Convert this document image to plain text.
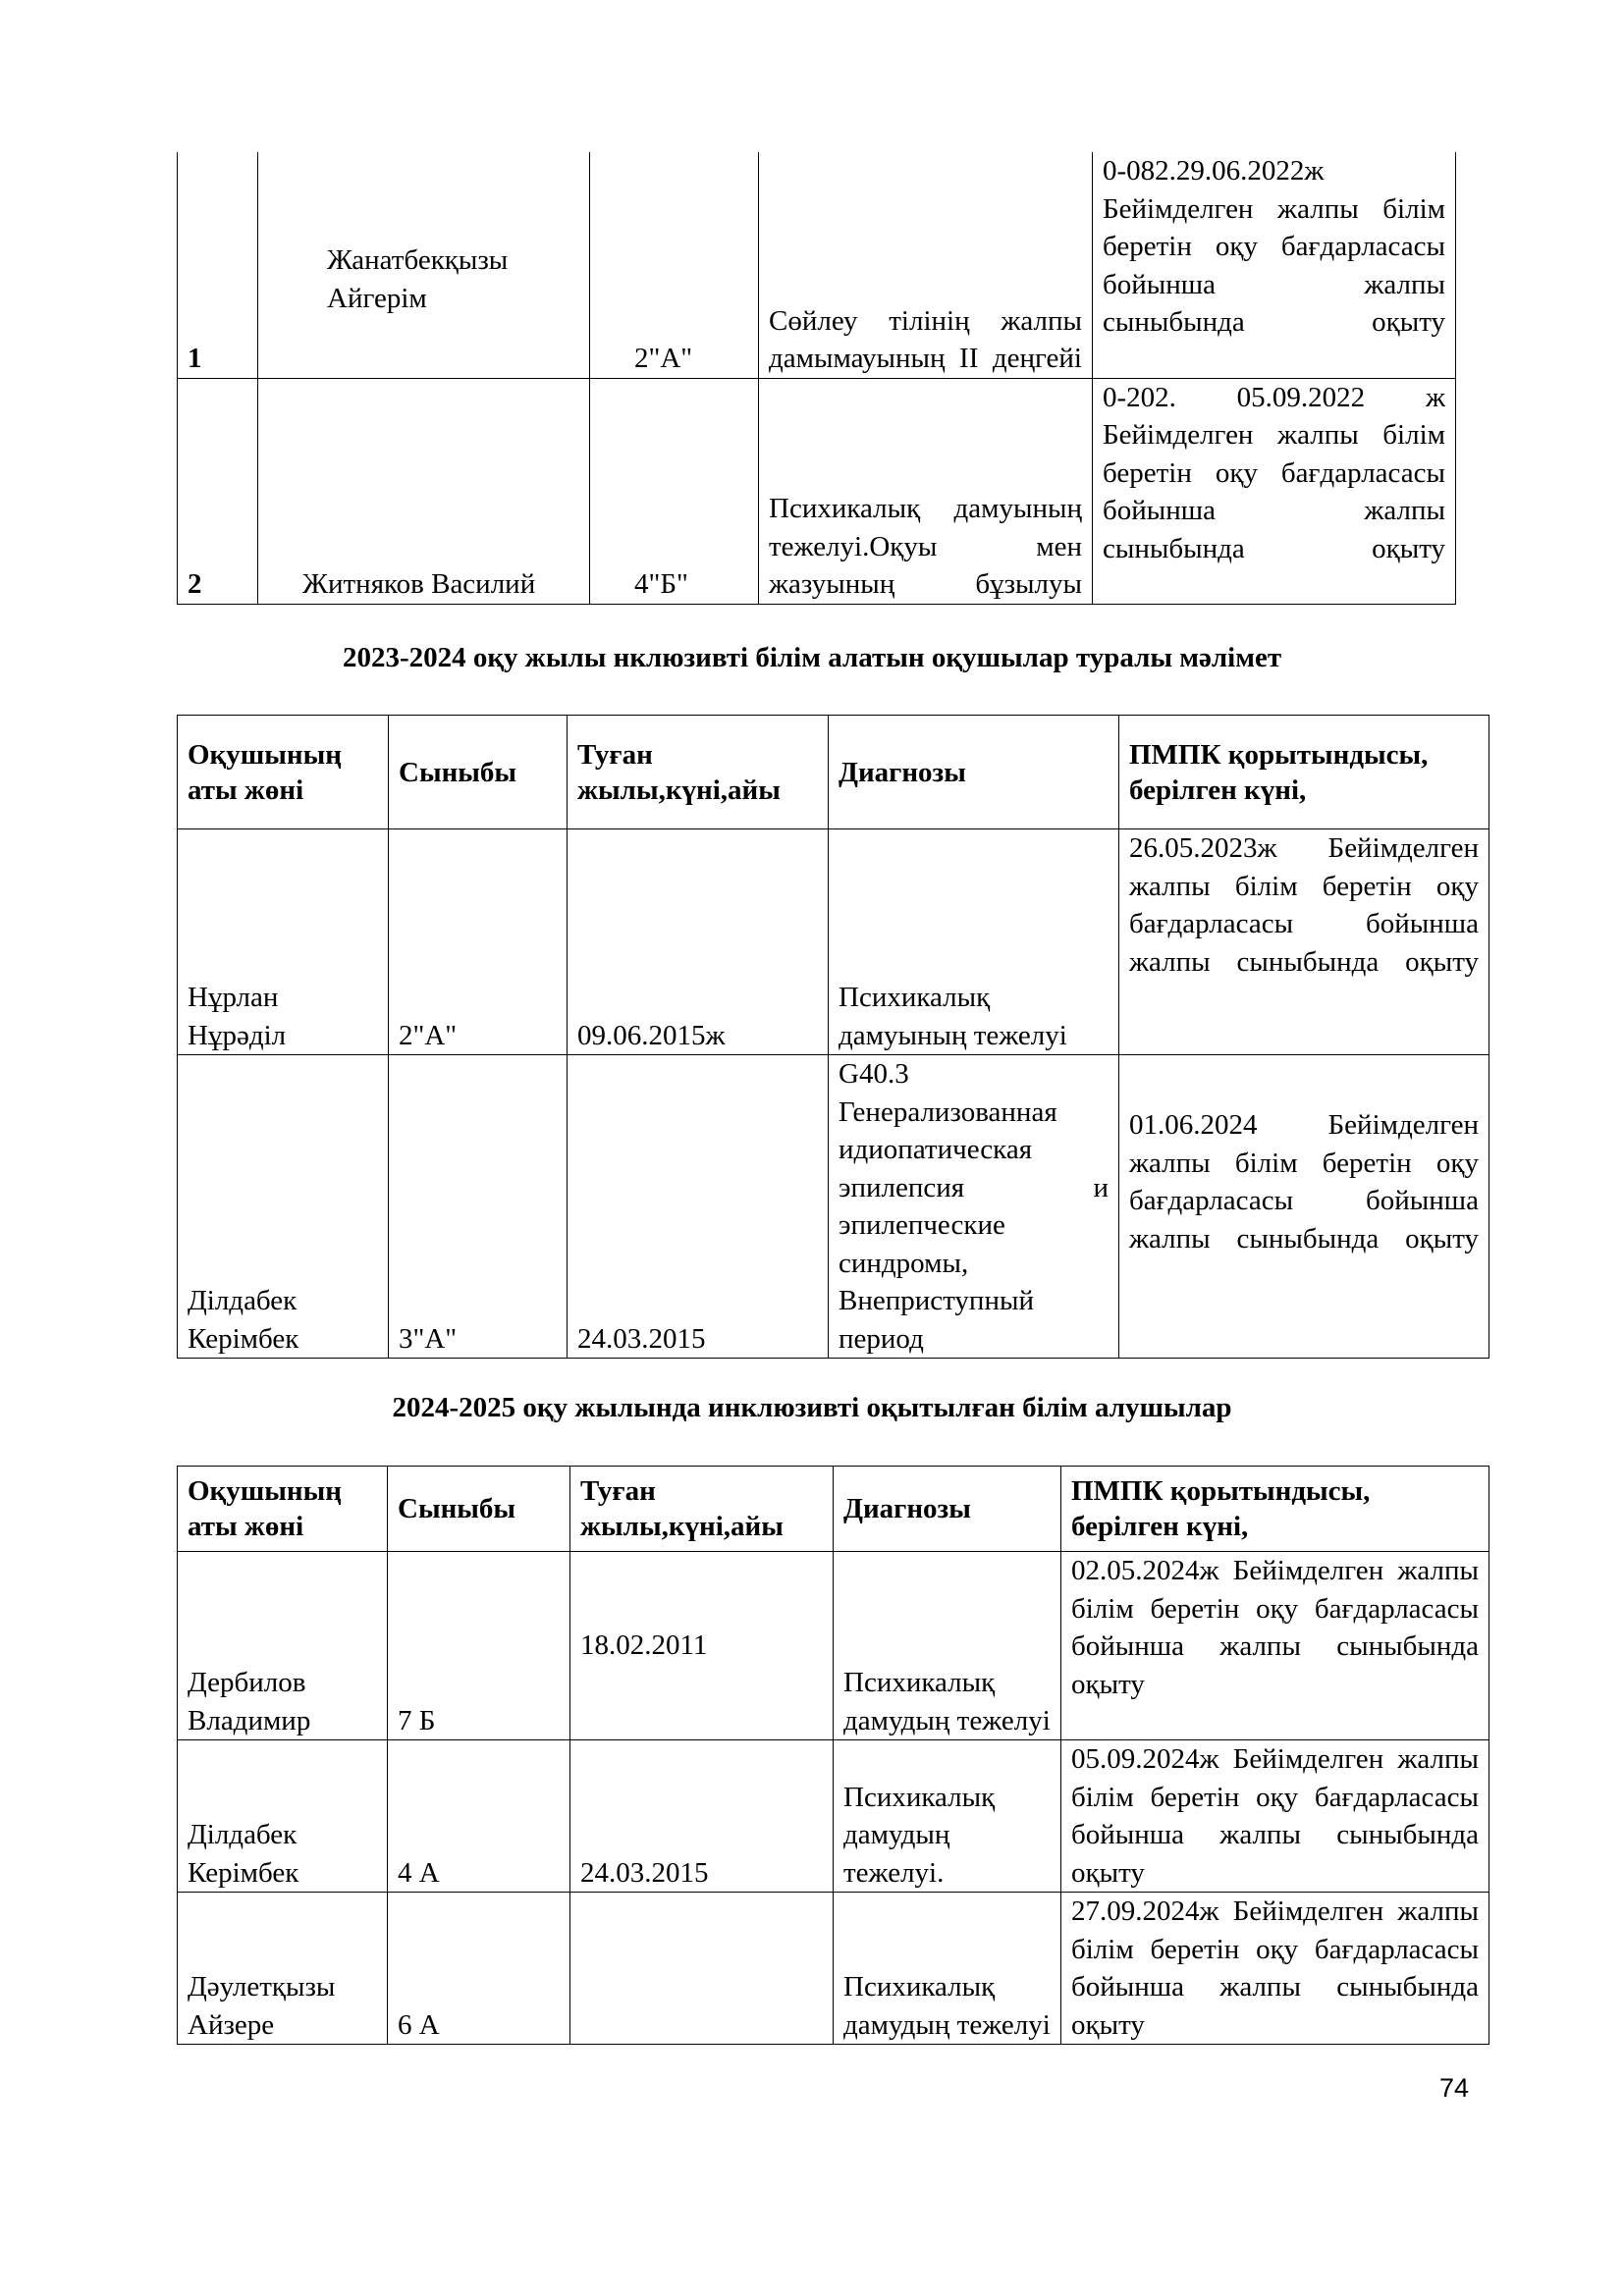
1	Жанатбекқызы Айгерім	2"А"	Сөйлеу тілінің жалпы дамымауының II деңгейі	0-082.29.06.2022ж Бейімделген жалпы білім беретін оқу бағдарласасы бойынша жалпы сыныбында оқыту
2	Житняков Василий	4"Б"	Психикалық дамуының тежелуі.Оқуы мен жазуының бұзылуы	0-202. 05.09.2022 ж Бейімделген жалпы білім беретін оқу бағдарласасы бойынша жалпы сыныбында оқыту
2023-2024 оқу жылы нклюзивті білім алатын оқушылар туралы мәлімет
Оқушының аты жөні	Сыныбы	Туған жылы,күні,айы	Диагнозы	ПМПК қорытындысы, берілген күні,
Нұрлан Нұрәділ	2"А"	09.06.2015ж	Психикалық дамуының тежелуі	26.05.2023ж Бейімделген жалпы білім беретін оқу бағдарласасы бойынша жалпы сыныбында оқыту
Ділдабек Керімбек	3"А"	24.03.2015	G40.3 Генерализованная идиопатическая эпилепсия и эпилепческие синдромы, Внеприступный период	01.06.2024 Бейімделген жалпы білім беретін оқу бағдарласасы бойынша жалпы сыныбында оқыту
2024-2025 оқу жылында инклюзивті оқытылған білім алушылар
Оқушының аты жөні	Сыныбы	Туған жылы,күні,айы	Диагнозы	ПМПК қорытындысы, берілген күні,
Дербилов Владимир	7 Б	18.02.2011	Психикалық дамудың тежелуі	02.05.2024ж Бейімделген жалпы білім беретін оқу бағдарласасы бойынша жалпы сыныбында оқыту
Ділдабек Керімбек	4 А	24.03.2015	Психикалық дамудың тежелуі.	05.09.2024ж Бейімделген жалпы білім беретін оқу бағдарласасы бойынша жалпы сыныбында оқыту
Дәулетқызы Айзере	6 А		Психикалық дамудың тежелуі	27.09.2024ж Бейімделген жалпы білім беретін оқу бағдарласасы бойынша жалпы сыныбында оқыту
74
